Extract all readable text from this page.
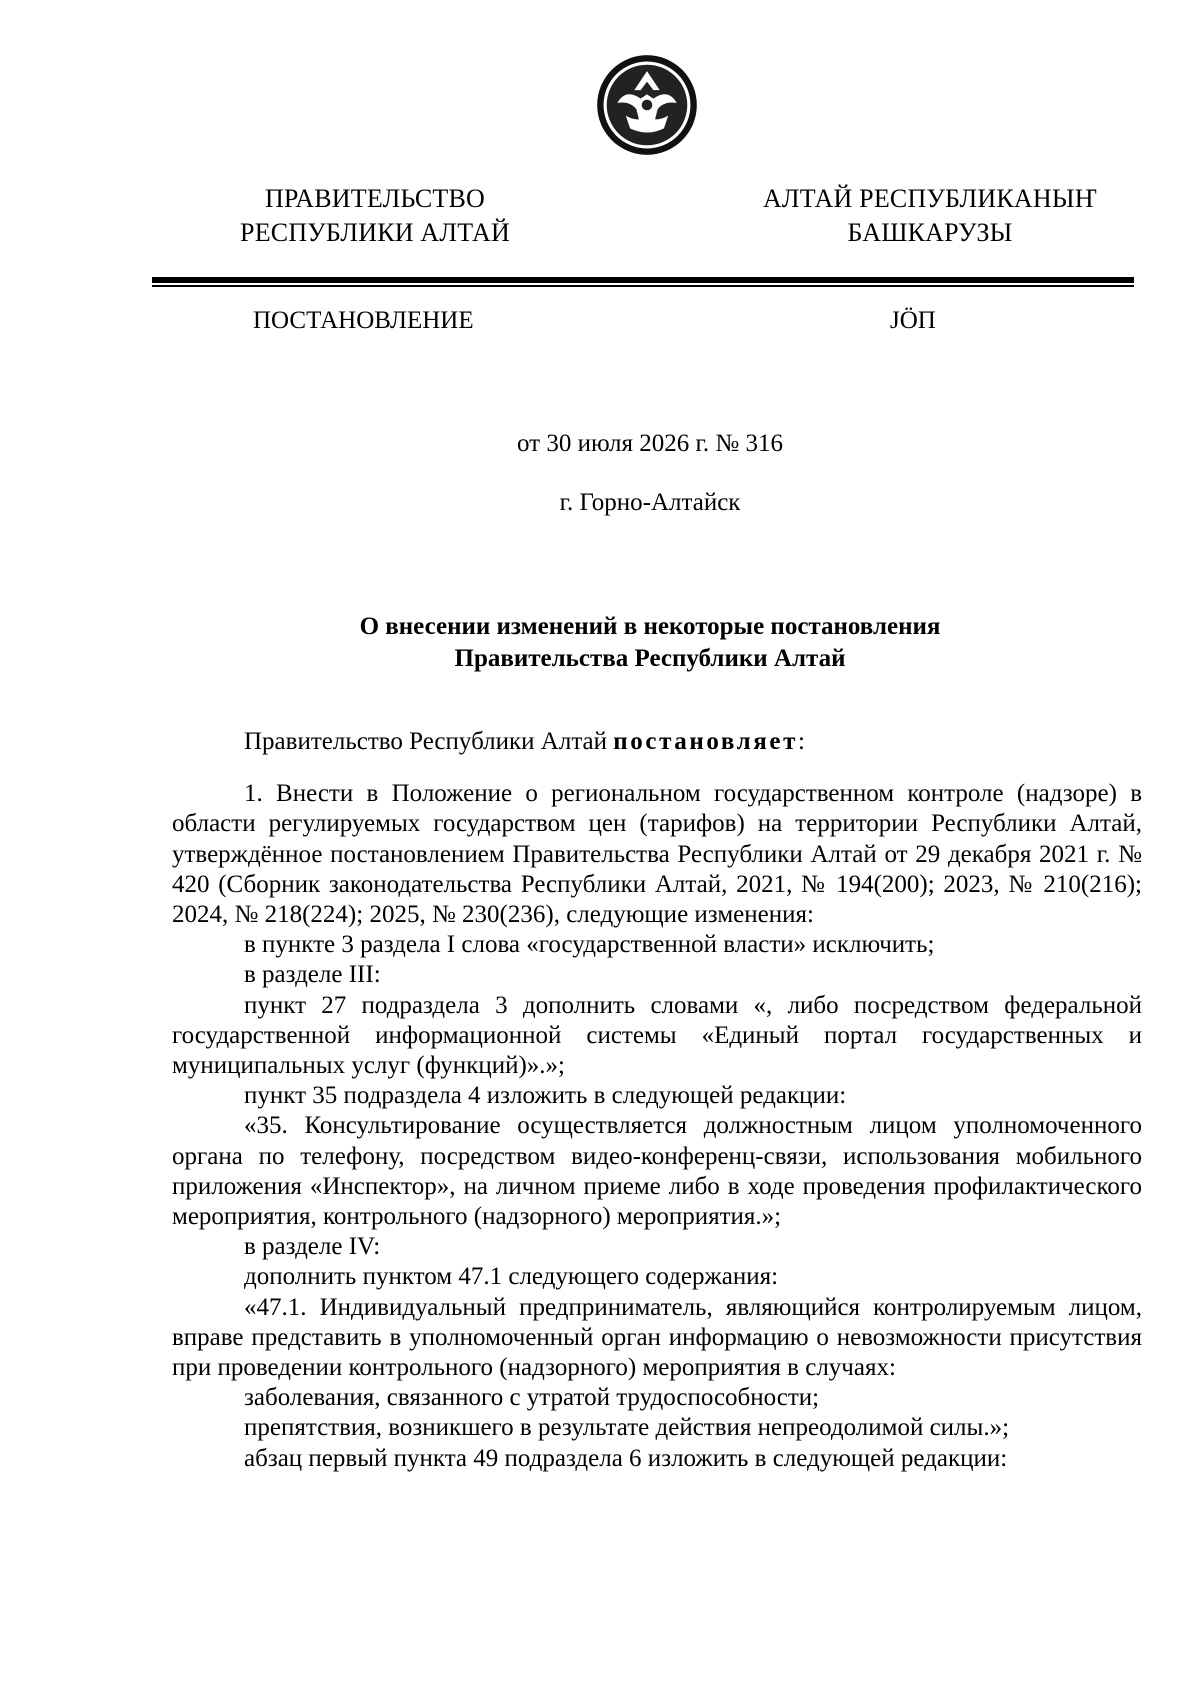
ПРАВИТЕЛЬСТВО
РЕСПУБЛИКИ АЛТАЙ
АЛТАЙ РЕСПУБЛИКАНЫҤ
БАШКАРУЗЫ
ПОСТАНОВЛЕНИЕ	JӦП
от 30 июля 2026 г. № 316
г. Горно-Алтайск
О внесении изменений в некоторые постановления
Правительства Республики Алтай

Правительство Республики Алтай постановляет:

1. Внести в Положение о региональном государственном контроле (надзоре) в области регулируемых государством цен (тарифов) на территории Республики Алтай, утверждённое постановлением Правительства Республики Алтай от 29 декабря 2021 г. № 420 (Сборник законодательства Республики Алтай, 2021, № 194(200); 2023, № 210(216); 2024, № 218(224); 2025, № 230(236), следующие изменения:

в пункте 3 раздела I слова «государственной власти» исключить;

в разделе III:

пункт 27 подраздела 3 дополнить словами «, либо посредством федеральной государственной информационной системы «Единый портал государственных и муниципальных услуг (функций)».»;

пункт 35 подраздела 4 изложить в следующей редакции:

«35. Консультирование осуществляется должностным лицом уполномоченного органа по телефону, посредством видео-конференц-связи, использования мобильного приложения «Инспектор», на личном приеме либо в ходе проведения профилактического мероприятия, контрольного (надзорного) мероприятия.»;

в разделе IV:

дополнить пунктом 47.1 следующего содержания:

«47.1. Индивидуальный предприниматель, являющийся контролируемым лицом, вправе представить в уполномоченный орган информацию о невозможности присутствия при проведении контрольного (надзорного) мероприятия в случаях:

заболевания, связанного с утратой трудоспособности;

препятствия, возникшего в результате действия непреодолимой силы.»;

абзац первый пункта 49 подраздела 6 изложить в следующей редакции:
